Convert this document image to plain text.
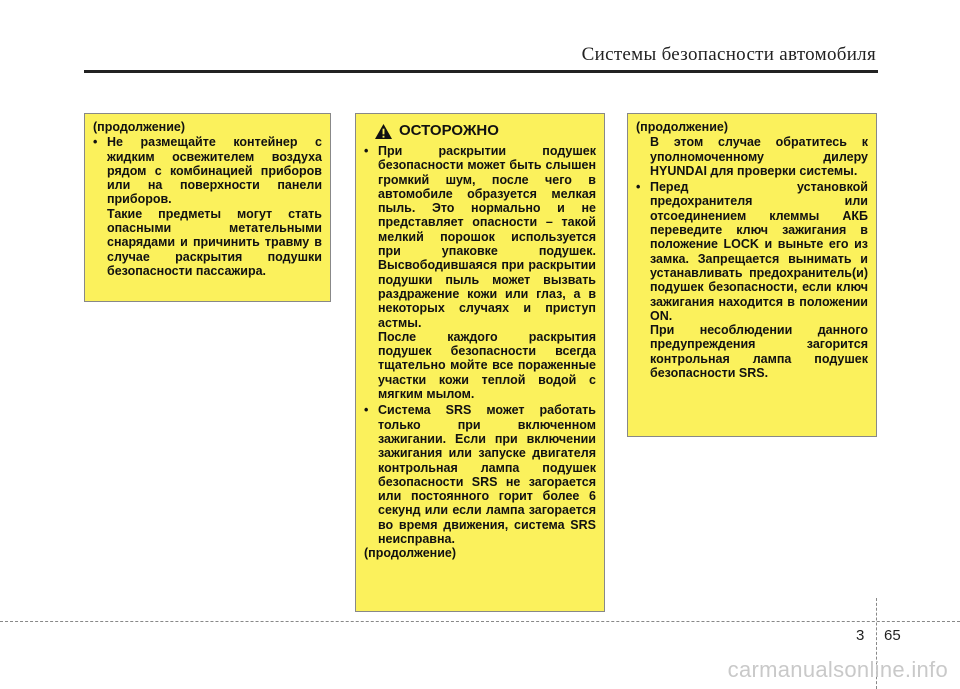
Системы безопасности автомобиля

(продолжение)

• Не размещайте контейнер с жидким освежителем воздуха рядом с комбинацией приборов или на поверхности панели приборов.

Такие предметы могут стать опасными метательными снарядами и причинить травму в случае раскрытия подушки безопасности пассажира.

ОСТОРОЖНО
• При раскрытии подушек безопасности может быть слышен громкий шум, после чего в автомобиле образуется мелкая пыль. Это нормально и не представляет опасности – такой мелкий порошок используется при упаковке подушек. Высвободившаяся при раскрытии подушки пыль может вызвать раздражение кожи или глаз, а в некоторых случаях и приступ астмы.

После каждого раскрытия подушек безопасности всегда тщательно мойте все пораженные участки кожи теплой водой с мягким мылом.

• Система SRS может работать только при включенном зажигании. Если при включении зажигания или запуске двигателя контрольная лампа подушек безопасности SRS не загорается или постоянного горит более 6 секунд или если лампа загорается во время движения, система SRS неисправна.

(продолжение)

(продолжение)

В этом случае обратитесь к уполномоченному дилеру HYUNDAI для проверки системы.

• Перед установкой предохранителя или отсоединением клеммы АКБ переведите ключ зажигания в положение LOCK и выньте его из замка. Запрещается вынимать и устанавливать предохранитель(и) подушек безопасности, если ключ зажигания находится в положении ON.

При несоблюдении данного предупреждения загорится контрольная лампа подушек безопасности SRS.

3 65
carmanualsonline.info
